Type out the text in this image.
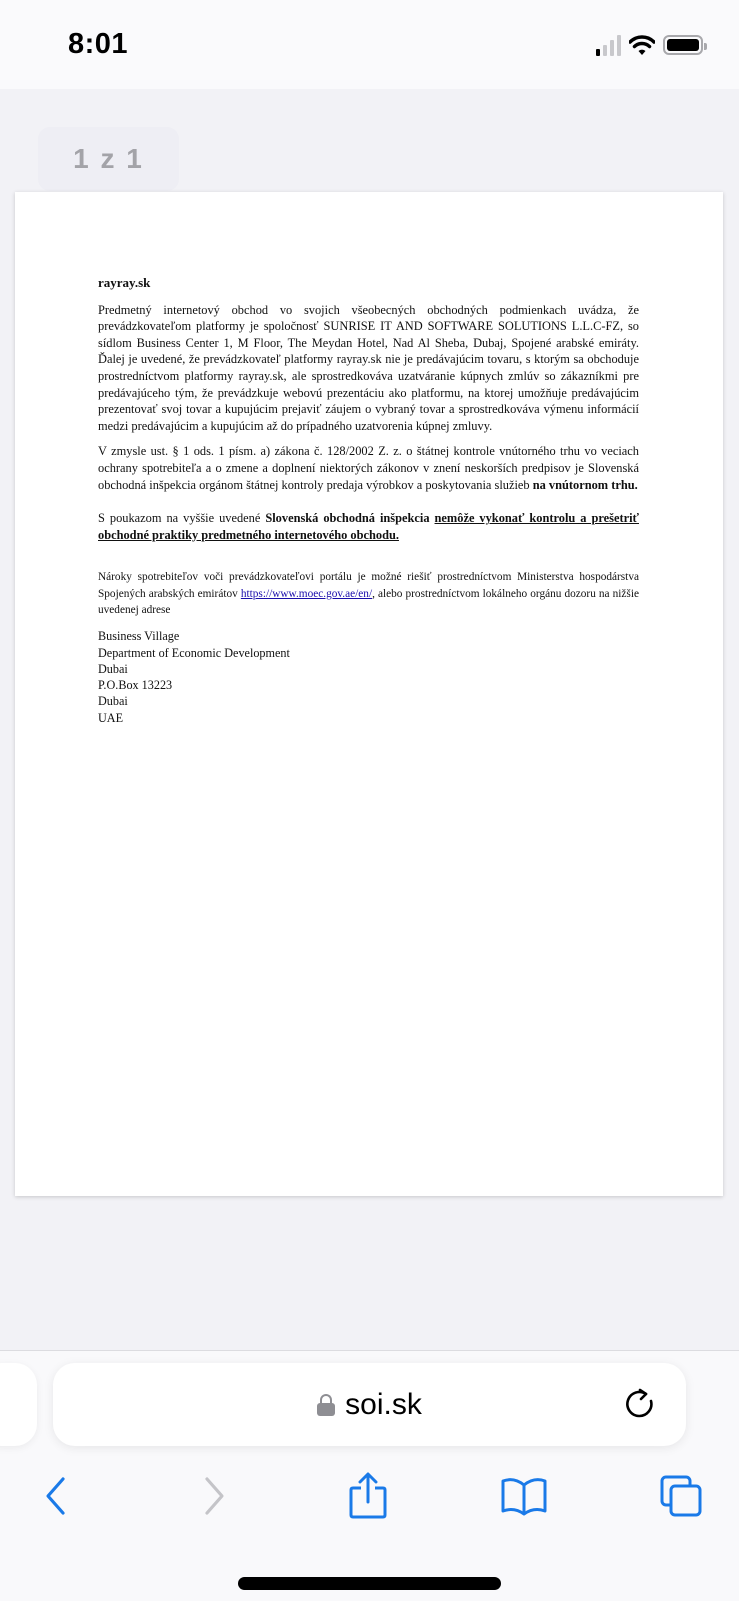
8:01
1 z 1

rayray.sk

Predmetný internetový obchod vo svojich všeobecných obchodných podmienkach uvádza, že prevádzkovateľom platformy je spoločnosť SUNRISE IT AND SOFTWARE SOLUTIONS L.L.C-FZ, so sídlom Business Center 1, M Floor, The Meydan Hotel, Nad Al Sheba, Dubaj, Spojené arabské emiráty. Ďalej je uvedené, že prevádzkovateľ platformy rayray.sk nie je predávajúcim tovaru, s ktorým sa obchoduje prostredníctvom platformy rayray.sk, ale sprostredkováva uzatváranie kúpnych zmlúv so zákazníkmi pre predávajúceho tým, že prevádzkuje webovú prezentáciu ako platformu, na ktorej umožňuje predávajúcim prezentovať svoj tovar a kupujúcim prejaviť záujem o vybraný tovar a sprostredkováva výmenu informácií medzi predávajúcim a kupujúcim až do prípadného uzatvorenia kúpnej zmluvy.

V zmysle ust. § 1 ods. 1 písm. a) zákona č. 128/2002 Z. z. o štátnej kontrole vnútorného trhu vo veciach ochrany spotrebiteľa a o zmene a doplnení niektorých zákonov v znení neskorších predpisov je Slovenská obchodná inšpekcia orgánom štátnej kontroly predaja výrobkov a poskytovania služieb na vnútornom trhu.

S poukazom na vyššie uvedené Slovenská obchodná inšpekcia nemôže vykonať kontrolu a prešetriť obchodné praktiky predmetného internetového obchodu.

Nároky spotrebiteľov voči prevádzkovateľovi portálu je možné riešiť prostredníctvom Ministerstva hospodárstva Spojených arabských emirátov https://www.moec.gov.ae/en/, alebo prostredníctvom lokálneho orgánu dozoru na nižšie uvedenej adrese

Business Village
Department of Economic Development
Dubai
P.O.Box 13223
Dubai
UAE
soi.sk
